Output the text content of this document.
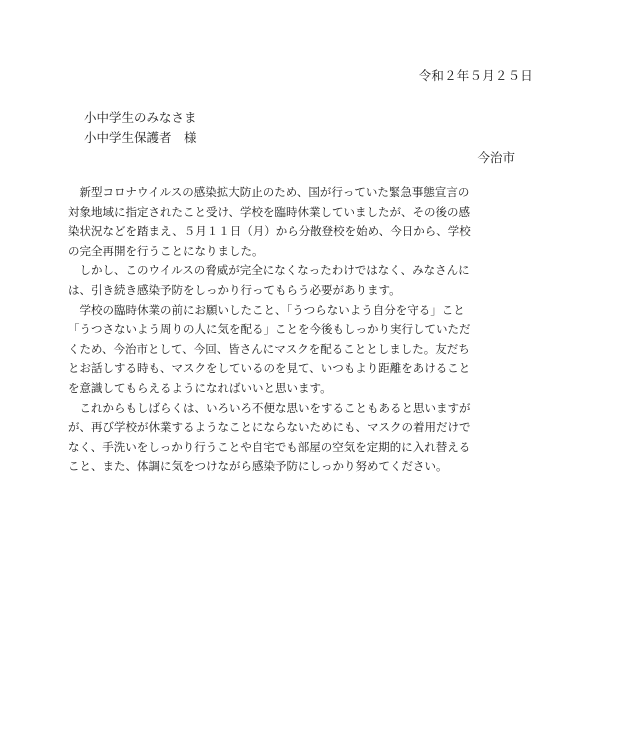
令和２年５月２５日
小中学生のみなさま
小中学生保護者　様
今治市
　新型コロナウイルスの感染拡大防止のため、国が行っていた緊急事態宣言の
対象地域に指定されたこと受け、学校を臨時休業していましたが、その後の感
染状況などを踏まえ、５月１１日（月）から分散登校を始め、今日から、学校
の完全再開を行うことになりました。
　しかし、このウイルスの脅威が完全になくなったわけではなく、みなさんに
は、引き続き感染予防をしっかり行ってもらう必要があります。
　学校の臨時休業の前にお願いしたこと、「うつらないよう自分を守る」こと
「うつさないよう周りの人に気を配る」ことを今後もしっかり実行していただ
くため、今治市として、今回、皆さんにマスクを配ることとしました。友だち
とお話しする時も、マスクをしているのを見て、いつもより距離をあけること
を意識してもらえるようになればいいと思います。
　これからもしばらくは、いろいろ不便な思いをすることもあると思いますが
が、再び学校が休業するようなことにならないためにも、マスクの着用だけで
なく、手洗いをしっかり行うことや自宅でも部屋の空気を定期的に入れ替える
こと、また、体調に気をつけながら感染予防にしっかり努めてください。
